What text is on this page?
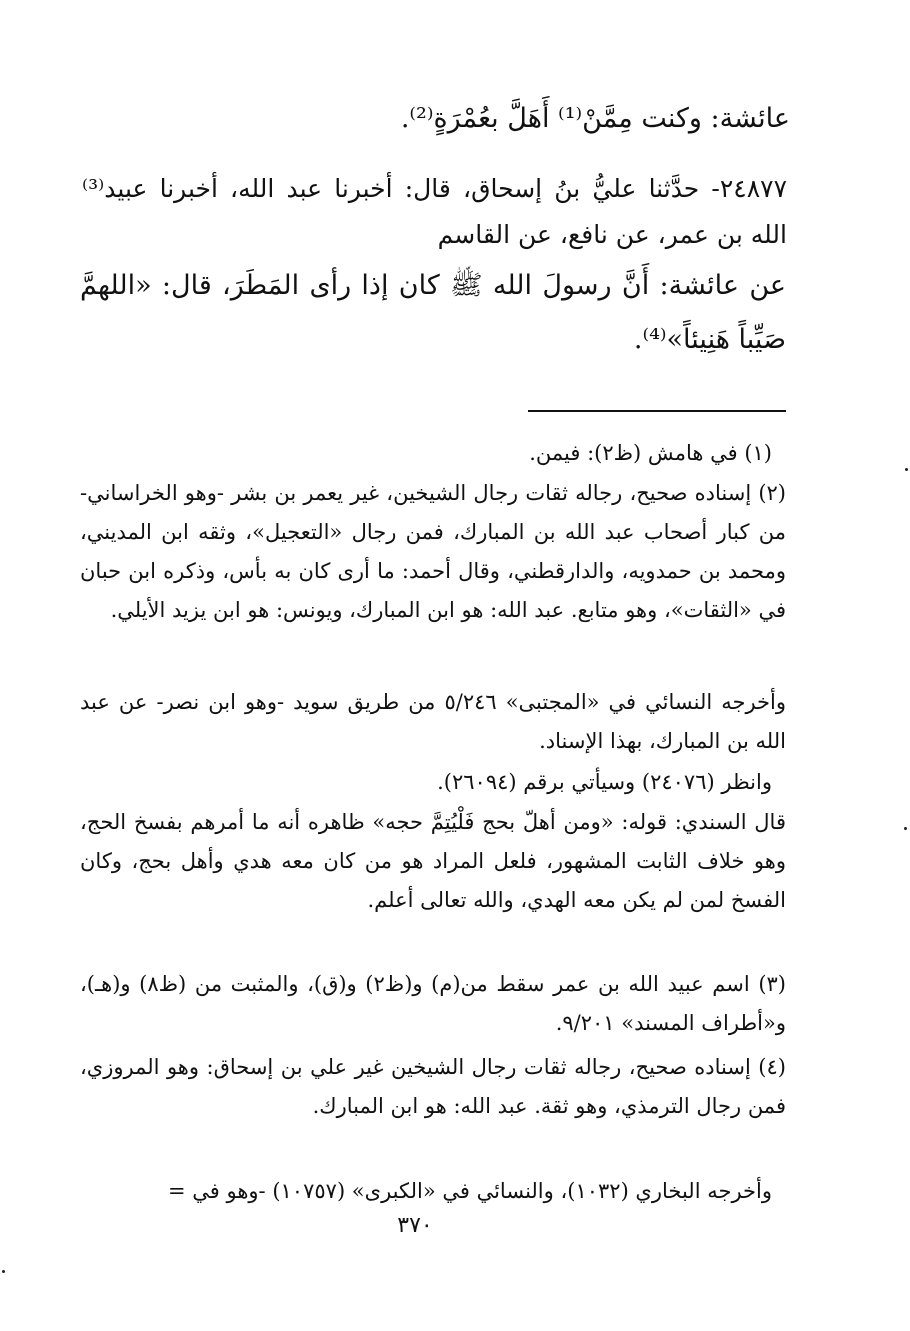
عائشة: وكنت مِمَّنْ⁽¹⁾ أَهَلَّ بعُمْرَةٍ⁽²⁾.
٢٤٨٧٧- حدَّثنا عليُّ بنُ إسحاق، قال: أخبرنا عبد الله، أخبرنا عبيد⁽³⁾ الله بن عمر، عن نافع، عن القاسم
عن عائشة: أَنَّ رسولَ الله ﷺ كان إذا رأى المَطَرَ، قال: «اللهمَّ صَيِّباً هَنِيئاً»⁽⁴⁾.
(١) في هامش (ظ٢): فيمن.
(٢) إسناده صحيح، رجاله ثقات رجال الشيخين، غير يعمر بن بشر -وهو الخراساني- من كبار أصحاب عبد الله بن المبارك، فمن رجال «التعجيل»، وثقه ابن المديني، ومحمد بن حمدويه، والدارقطني، وقال أحمد: ما أرى كان به بأس، وذكره ابن حبان في «الثقات»، وهو متابع. عبد الله: هو ابن المبارك، ويونس: هو ابن يزيد الأيلي.
وأخرجه النسائي في «المجتبى» ٥/٢٤٦ من طريق سويد -وهو ابن نصر- عن عبد الله بن المبارك، بهذا الإسناد.
وانظر (٢٤٠٧٦) وسيأتي برقم (٢٦٠٩٤).
قال السندي: قوله: «ومن أهلّ بحج فَلْيُتِمَّ حجه» ظاهره أنه ما أمرهم بفسخ الحج، وهو خلاف الثابت المشهور، فلعل المراد هو من كان معه هدي وأهل بحج، وكان الفسخ لمن لم يكن معه الهدي، والله تعالى أعلم.
(٣) اسم عبيد الله بن عمر سقط من(م) و(ظ٢) و(ق)، والمثبت من (ظ٨) و(هـ)، و«أطراف المسند» ٩/٢٠١.
(٤) إسناده صحيح، رجاله ثقات رجال الشيخين غير علي بن إسحاق: وهو المروزي، فمن رجال الترمذي، وهو ثقة. عبد الله: هو ابن المبارك.
وأخرجه البخاري (١٠٣٢)، والنسائي في «الكبرى» (١٠٧٥٧) -وهو في =
٣٧٠
